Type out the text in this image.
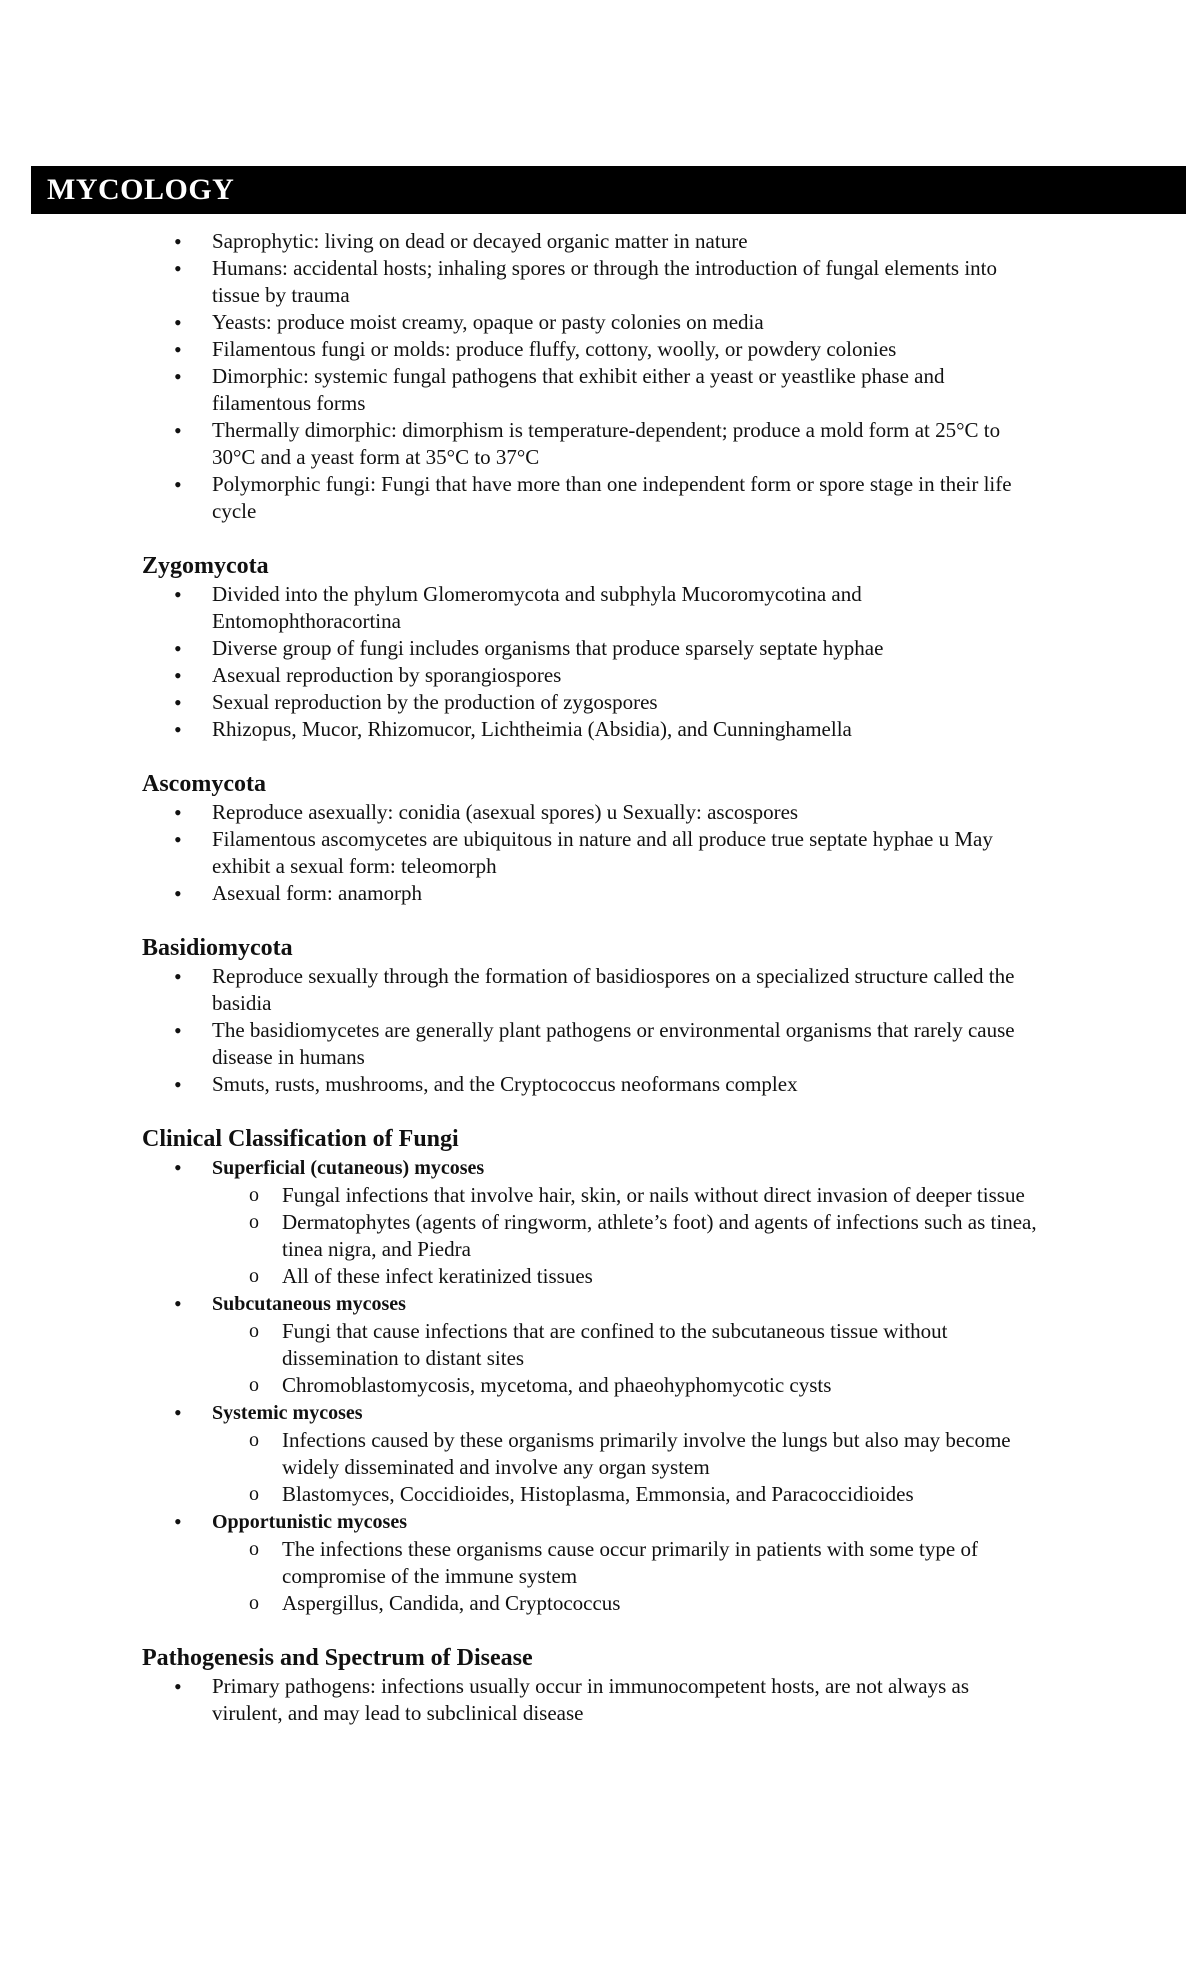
MYCOLOGY
• Saprophytic: living on dead or decayed organic matter in nature
• Humans: accidental hosts; inhaling spores or through the introduction of fungal elements into tissue by trauma
• Yeasts: produce moist creamy, opaque or pasty colonies on media
• Filamentous fungi or molds: produce fluffy, cottony, woolly, or powdery colonies
• Dimorphic: systemic fungal pathogens that exhibit either a yeast or yeastlike phase and filamentous forms
• Thermally dimorphic: dimorphism is temperature-dependent; produce a mold form at 25°C to 30°C and a yeast form at 35°C to 37°C
• Polymorphic fungi: Fungi that have more than one independent form or spore stage in their life cycle
Zygomycota
• Divided into the phylum Glomeromycota and subphyla Mucoromycotina and Entomophthoracortina
• Diverse group of fungi includes organisms that produce sparsely septate hyphae
• Asexual reproduction by sporangiospores
• Sexual reproduction by the production of zygospores
• Rhizopus, Mucor, Rhizomucor, Lichtheimia (Absidia), and Cunninghamella
Ascomycota
• Reproduce asexually: conidia (asexual spores) u Sexually: ascospores
• Filamentous ascomycetes are ubiquitous in nature and all produce true septate hyphae u May exhibit a sexual form: teleomorph
• Asexual form: anamorph
Basidiomycota
• Reproduce sexually through the formation of basidiospores on a specialized structure called the basidia
• The basidiomycetes are generally plant pathogens or environmental organisms that rarely cause disease in humans
• Smuts, rusts, mushrooms, and the Cryptococcus neoformans complex
Clinical Classification of Fungi
• Superficial (cutaneous) mycoses
o Fungal infections that involve hair, skin, or nails without direct invasion of deeper tissue
o Dermatophytes (agents of ringworm, athlete’s foot) and agents of infections such as tinea, tinea nigra, and Piedra
o All of these infect keratinized tissues
• Subcutaneous mycoses
o Fungi that cause infections that are confined to the subcutaneous tissue without dissemination to distant sites
o Chromoblastomycosis, mycetoma, and phaeohyphomycotic cysts
• Systemic mycoses
o Infections caused by these organisms primarily involve the lungs but also may become widely disseminated and involve any organ system
o Blastomyces, Coccidioides, Histoplasma, Emmonsia, and Paracoccidioides
• Opportunistic mycoses
o The infections these organisms cause occur primarily in patients with some type of compromise of the immune system
o Aspergillus, Candida, and Cryptococcus
Pathogenesis and Spectrum of Disease
• Primary pathogens: infections usually occur in immunocompetent hosts, are not always as virulent, and may lead to subclinical disease
